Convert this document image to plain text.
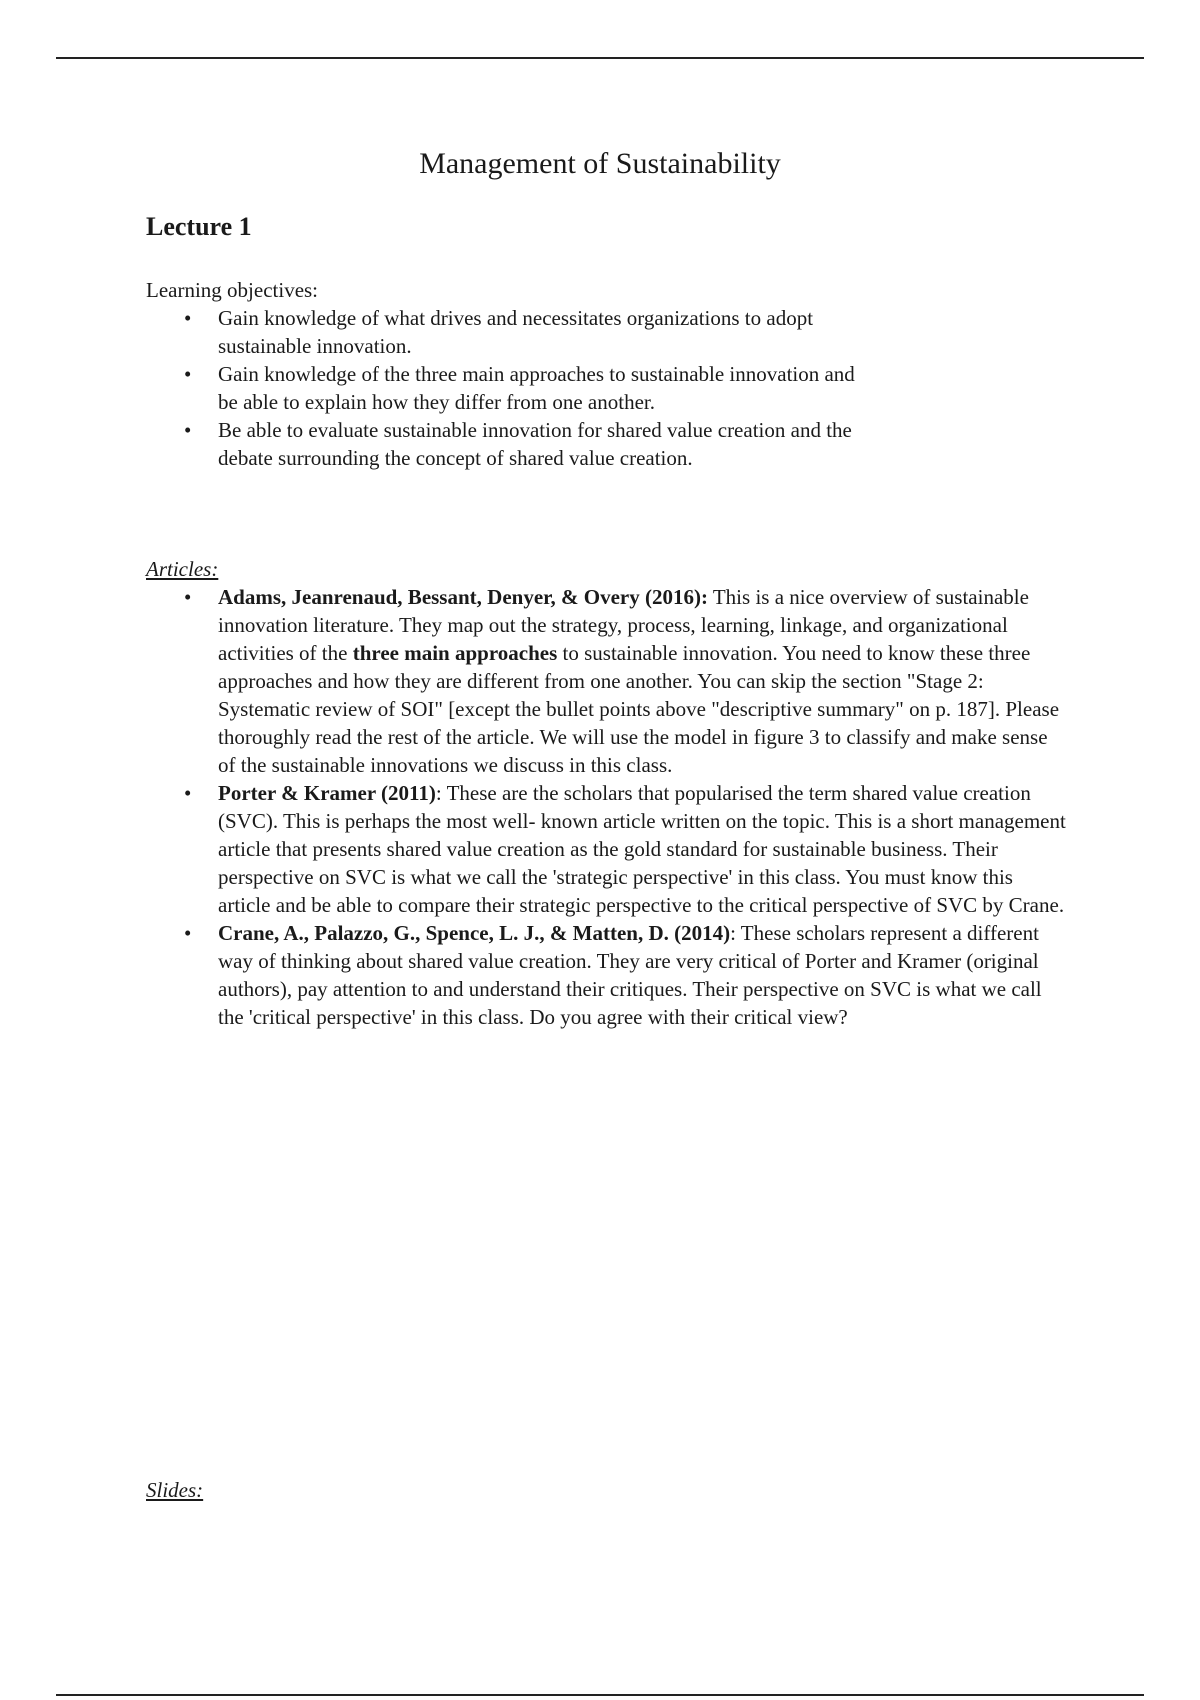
Management of Sustainability
Lecture 1
Learning objectives:
• Gain knowledge of what drives and necessitates organizations to adopt sustainable innovation.
• Gain knowledge of the three main approaches to sustainable innovation and be able to explain how they differ from one another.
• Be able to evaluate sustainable innovation for shared value creation and the debate surrounding the concept of shared value creation.
Articles:
• Adams, Jeanrenaud, Bessant, Denyer, & Overy (2016): This is a nice overview of sustainable innovation literature. They map out the strategy, process, learning, linkage, and organizational activities of the three main approaches to sustainable innovation. You need to know these three approaches and how they are different from one another. You can skip the section "Stage 2: Systematic review of SOI" [except the bullet points above "descriptive summary" on p. 187]. Please thoroughly read the rest of the article. We will use the model in figure 3 to classify and make sense of the sustainable innovations we discuss in this class.
• Porter & Kramer (2011): These are the scholars that popularised the term shared value creation (SVC). This is perhaps the most well- known article written on the topic. This is a short management article that presents shared value creation as the gold standard for sustainable business. Their perspective on SVC is what we call the 'strategic perspective' in this class. You must know this article and be able to compare their strategic perspective to the critical perspective of SVC by Crane.
• Crane, A., Palazzo, G., Spence, L. J., & Matten, D. (2014): These scholars represent a different way of thinking about shared value creation. They are very critical of Porter and Kramer (original authors), pay attention to and understand their critiques. Their perspective on SVC is what we call the 'critical perspective' in this class. Do you agree with their critical view?
Slides:
